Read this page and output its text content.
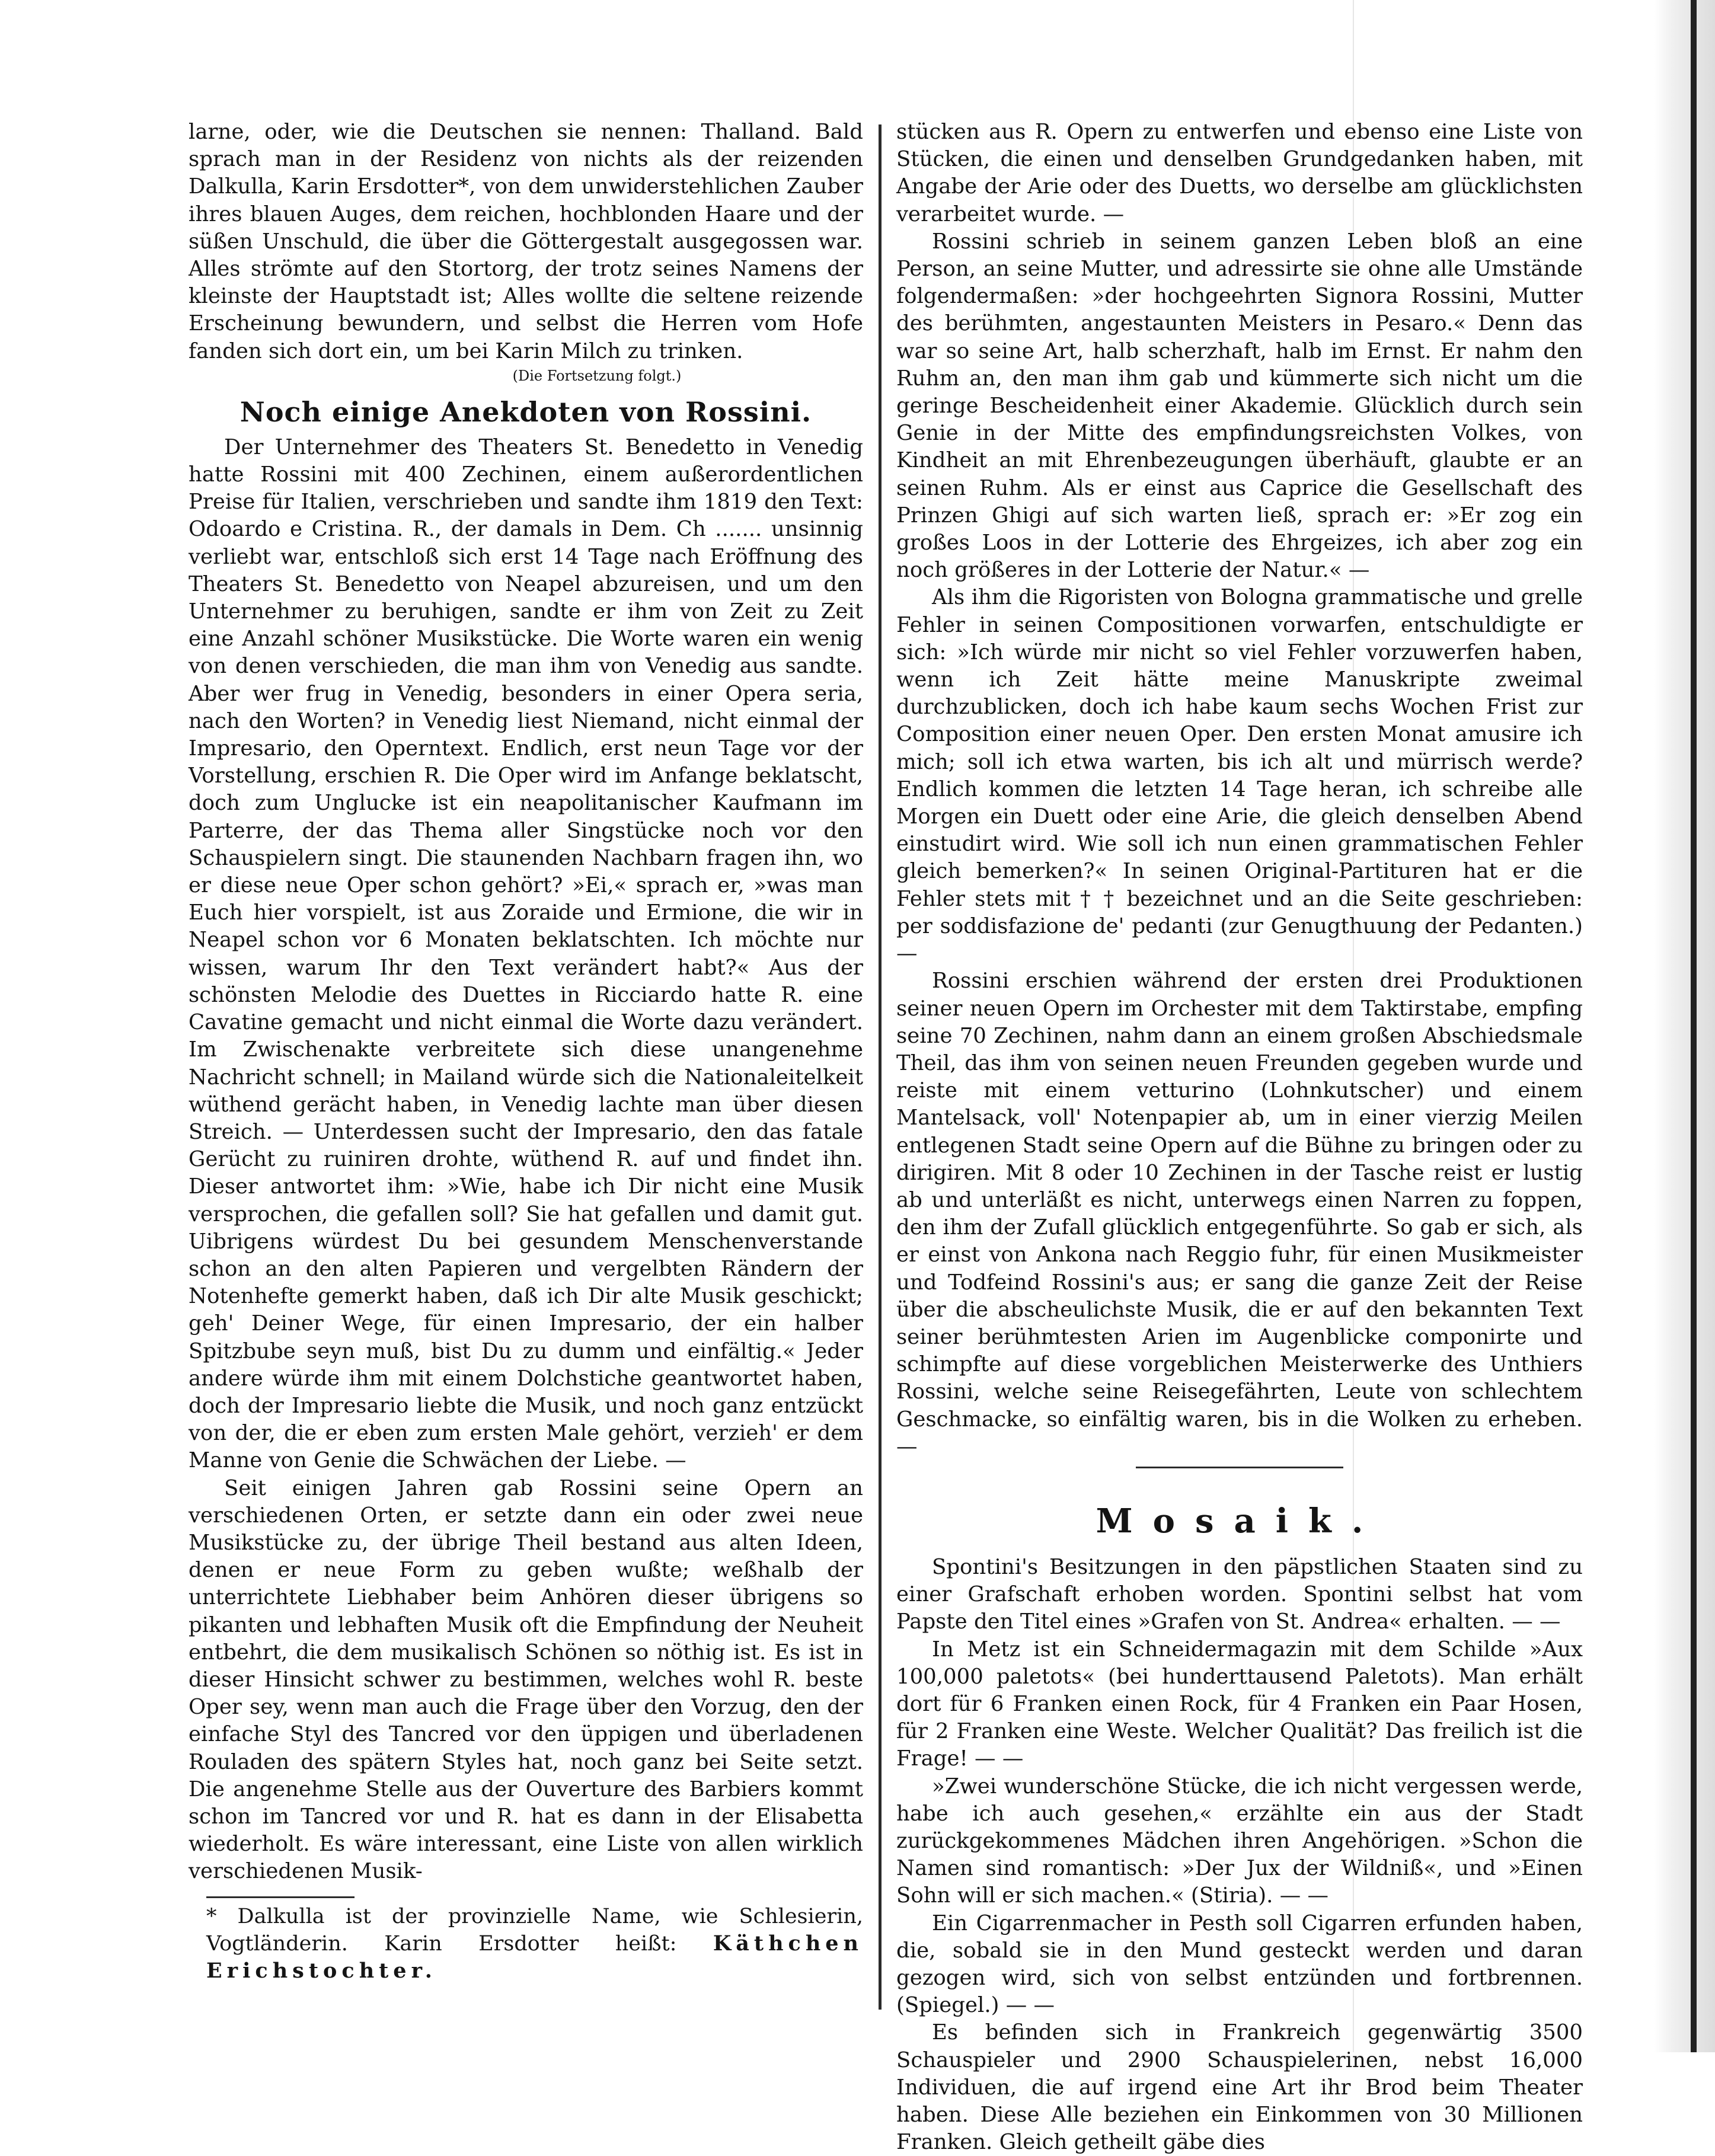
larne, oder, wie die Deutschen sie nennen: Thalland. Bald sprach man in der Residenz von nichts als der reizenden Dalkulla, Karin Ersdotter*, von dem unwiderstehlichen Zauber ihres blauen Auges, dem reichen, hochblonden Haare und der süßen Unschuld, die über die Göttergestalt ausgegossen war. Alles strömte auf den Stortorg, der trotz seines Namens der kleinste der Hauptstadt ist; Alles wollte die seltene reizende Erscheinung bewundern, und selbst die Herren vom Hofe fanden sich dort ein, um bei Karin Milch zu trinken.

(Die Fortsetzung folgt.)

Noch einige Anekdoten von Rossini.

Der Unternehmer des Theaters St. Benedetto in Venedig hatte Rossini mit 400 Zechinen, einem außerordentlichen Preise für Italien, verschrieben und sandte ihm 1819 den Text: Odoardo e Cristina. R., der damals in Dem. Ch ....... unsinnig verliebt war, entschloß sich erst 14 Tage nach Eröffnung des Theaters St. Benedetto von Neapel abzureisen, und um den Unternehmer zu beruhigen, sandte er ihm von Zeit zu Zeit eine Anzahl schöner Musikstücke. Die Worte waren ein wenig von denen verschieden, die man ihm von Venedig aus sandte. Aber wer frug in Venedig, besonders in einer Opera seria, nach den Worten? in Venedig liest Niemand, nicht einmal der Impresario, den Operntext. Endlich, erst neun Tage vor der Vorstellung, erschien R. Die Oper wird im Anfange beklatscht, doch zum Unglucke ist ein neapolitanischer Kaufmann im Parterre, der das Thema aller Singstücke noch vor den Schauspielern singt. Die staunenden Nachbarn fragen ihn, wo er diese neue Oper schon gehört? »Ei,« sprach er, »was man Euch hier vorspielt, ist aus Zoraide und Ermione, die wir in Neapel schon vor 6 Monaten beklatschten. Ich möchte nur wissen, warum Ihr den Text verändert habt?« Aus der schönsten Melodie des Duettes in Ricciardo hatte R. eine Cavatine gemacht und nicht einmal die Worte dazu verändert. Im Zwischenakte verbreitete sich diese unangenehme Nachricht schnell; in Mailand würde sich die Nationaleitelkeit wüthend gerächt haben, in Venedig lachte man über diesen Streich. — Unterdessen sucht der Impresario, den das fatale Gerücht zu ruiniren drohte, wüthend R. auf und findet ihn. Dieser antwortet ihm: »Wie, habe ich Dir nicht eine Musik versprochen, die gefallen soll? Sie hat gefallen und damit gut. Uibrigens würdest Du bei gesundem Menschenverstande schon an den alten Papieren und vergelbten Rändern der Notenhefte gemerkt haben, daß ich Dir alte Musik geschickt; geh' Deiner Wege, für einen Impresario, der ein halber Spitzbube seyn muß, bist Du zu dumm und einfältig.« Jeder andere würde ihm mit einem Dolchstiche geantwortet haben, doch der Impresario liebte die Musik, und noch ganz entzückt von der, die er eben zum ersten Male gehört, verzieh' er dem Manne von Genie die Schwächen der Liebe. —

Seit einigen Jahren gab Rossini seine Opern an verschiedenen Orten, er setzte dann ein oder zwei neue Musikstücke zu, der übrige Theil bestand aus alten Ideen, denen er neue Form zu geben wußte; weßhalb der unterrichtete Liebhaber beim Anhören dieser übrigens so pikanten und lebhaften Musik oft die Empfindung der Neuheit entbehrt, die dem musikalisch Schönen so nöthig ist. Es ist in dieser Hinsicht schwer zu bestimmen, welches wohl R. beste Oper sey, wenn man auch die Frage über den Vorzug, den der einfache Styl des Tancred vor den üppigen und überladenen Rouladen des spätern Styles hat, noch ganz bei Seite setzt. Die angenehme Stelle aus der Ouverture des Barbiers kommt schon im Tancred vor und R. hat es dann in der Elisabetta wiederholt. Es wäre interessant, eine Liste von allen wirklich verschiedenen Musik-

* Dalkulla ist der provinzielle Name, wie Schlesierin, Vogtländerin. Karin Ersdotter heißt: Käthchen Erichstochter.

stücken aus R. Opern zu entwerfen und ebenso eine Liste von Stücken, die einen und denselben Grundgedanken haben, mit Angabe der Arie oder des Duetts, wo derselbe am glücklichsten verarbeitet wurde. —

Rossini schrieb in seinem ganzen Leben bloß an eine Person, an seine Mutter, und adressirte sie ohne alle Umstände folgendermaßen: »der hochgeehrten Signora Rossini, Mutter des berühmten, angestaunten Meisters in Pesaro.« Denn das war so seine Art, halb scherzhaft, halb im Ernst. Er nahm den Ruhm an, den man ihm gab und kümmerte sich nicht um die geringe Bescheidenheit einer Akademie. Glücklich durch sein Genie in der Mitte des empfindungsreichsten Volkes, von Kindheit an mit Ehrenbezeugungen überhäuft, glaubte er an seinen Ruhm. Als er einst aus Caprice die Gesellschaft des Prinzen Ghigi auf sich warten ließ, sprach er: »Er zog ein großes Loos in der Lotterie des Ehrgeizes, ich aber zog ein noch größeres in der Lotterie der Natur.« —

Als ihm die Rigoristen von Bologna grammatische und grelle Fehler in seinen Compositionen vorwarfen, entschuldigte er sich: »Ich würde mir nicht so viel Fehler vorzuwerfen haben, wenn ich Zeit hätte meine Manuskripte zweimal durchzublicken, doch ich habe kaum sechs Wochen Frist zur Composition einer neuen Oper. Den ersten Monat amusire ich mich; soll ich etwa warten, bis ich alt und mürrisch werde? Endlich kommen die letzten 14 Tage heran, ich schreibe alle Morgen ein Duett oder eine Arie, die gleich denselben Abend einstudirt wird. Wie soll ich nun einen grammatischen Fehler gleich bemerken?« In seinen Original-Partituren hat er die Fehler stets mit † † bezeichnet und an die Seite geschrieben: per soddisfazione de' pedanti (zur Genugthuung der Pedanten.) —

Rossini erschien während der ersten drei Produktionen seiner neuen Opern im Orchester mit dem Taktirstabe, empfing seine 70 Zechinen, nahm dann an einem großen Abschiedsmale Theil, das ihm von seinen neuen Freunden gegeben wurde und reiste mit einem vetturino (Lohnkutscher) und einem Mantelsack, voll' Notenpapier ab, um in einer vierzig Meilen entlegenen Stadt seine Opern auf die Bühne zu bringen oder zu dirigiren. Mit 8 oder 10 Zechinen in der Tasche reist er lustig ab und unterläßt es nicht, unterwegs einen Narren zu foppen, den ihm der Zufall glücklich entgegenführte. So gab er sich, als er einst von Ankona nach Reggio fuhr, für einen Musikmeister und Todfeind Rossini's aus; er sang die ganze Zeit der Reise über die abscheulichste Musik, die er auf den bekannten Text seiner berühmtesten Arien im Augenblicke componirte und schimpfte auf diese vorgeblichen Meisterwerke des Unthiers Rossini, welche seine Reisegefährten, Leute von schlechtem Geschmacke, so einfältig waren, bis in die Wolken zu erheben. —

Mosaik.

Spontini's Besitzungen in den päpstlichen Staaten sind zu einer Grafschaft erhoben worden. Spontini selbst hat vom Papste den Titel eines »Grafen von St. Andrea« erhalten. — —

In Metz ist ein Schneidermagazin mit dem Schilde »Aux 100,000 paletots« (bei hunderttausend Paletots). Man erhält dort für 6 Franken einen Rock, für 4 Franken ein Paar Hosen, für 2 Franken eine Weste. Welcher Qualität? Das freilich ist die Frage! — —

»Zwei wunderschöne Stücke, die ich nicht vergessen werde, habe ich auch gesehen,« erzählte ein aus der Stadt zurückgekommenes Mädchen ihren Angehörigen. »Schon die Namen sind romantisch: »Der Jux der Wildniß«, und »Einen Sohn will er sich machen.« (Stiria). — —

Ein Cigarrenmacher in Pesth soll Cigarren erfunden haben, die, sobald sie in den Mund gesteckt werden und daran gezogen wird, sich von selbst entzünden und fortbrennen. (Spiegel.) — —

Es befinden sich in Frankreich gegenwärtig 3500 Schauspieler und 2900 Schauspielerinen, nebst 16,000 Individuen, die auf irgend eine Art ihr Brod beim Theater haben. Diese Alle beziehen ein Einkommen von 30 Millionen Franken. Gleich getheilt gäbe dies
